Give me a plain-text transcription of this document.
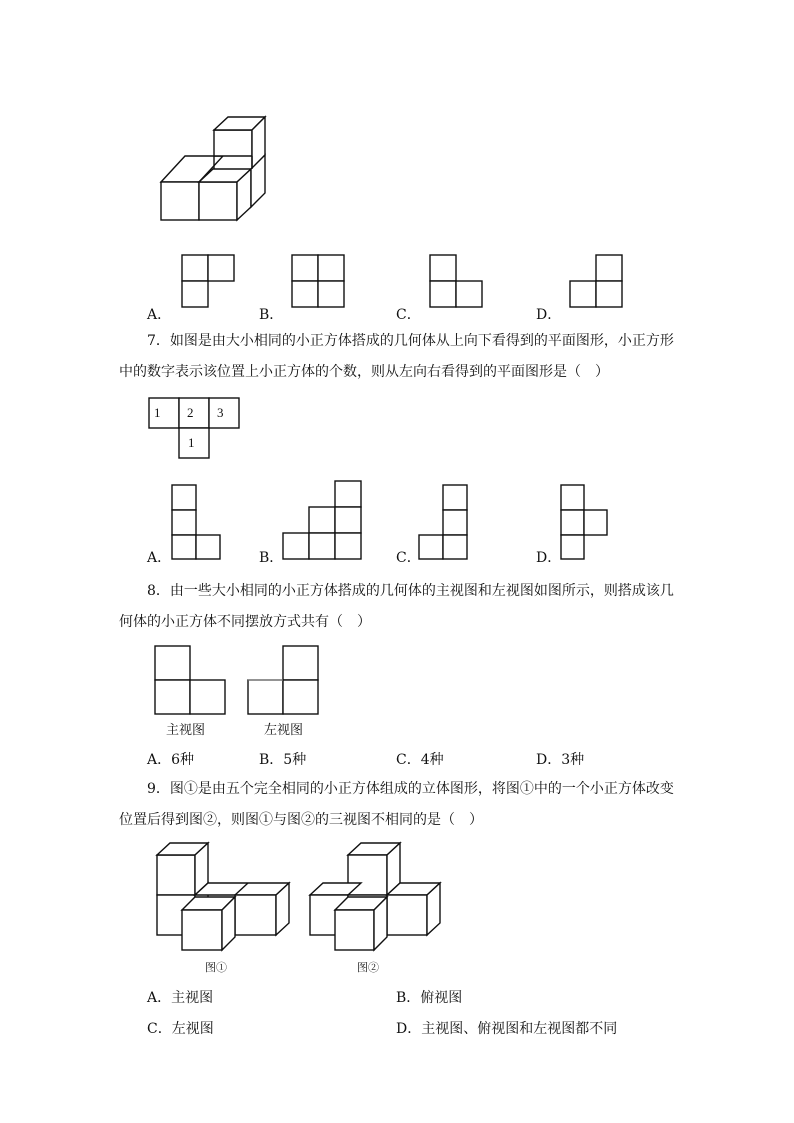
A．	B．	C．	D．
7．如图是由大小相同的小正方体搭成的几何体从上向下看得到的平面图形，小正方形
中的数字表示该位置上小正方体的个数，则从左向右看得到的平面图形是（　）
1 2 3
1
A．	B．	C．	D．
8．由一些大小相同的小正方体搭成的几何体的主视图和左视图如图所示，则搭成该几
何体的小正方体不同摆放方式共有（　）
主视图	左视图
A．6种	B．5种	C．4种	D．3种
9．图①是由五个完全相同的小正方体组成的立体图形，将图①中的一个小正方体改变
位置后得到图②，则图①与图②的三视图不相同的是（　）
图①	图②
A．主视图	B．俯视图
C．左视图	D．主视图、俯视图和左视图都不同
